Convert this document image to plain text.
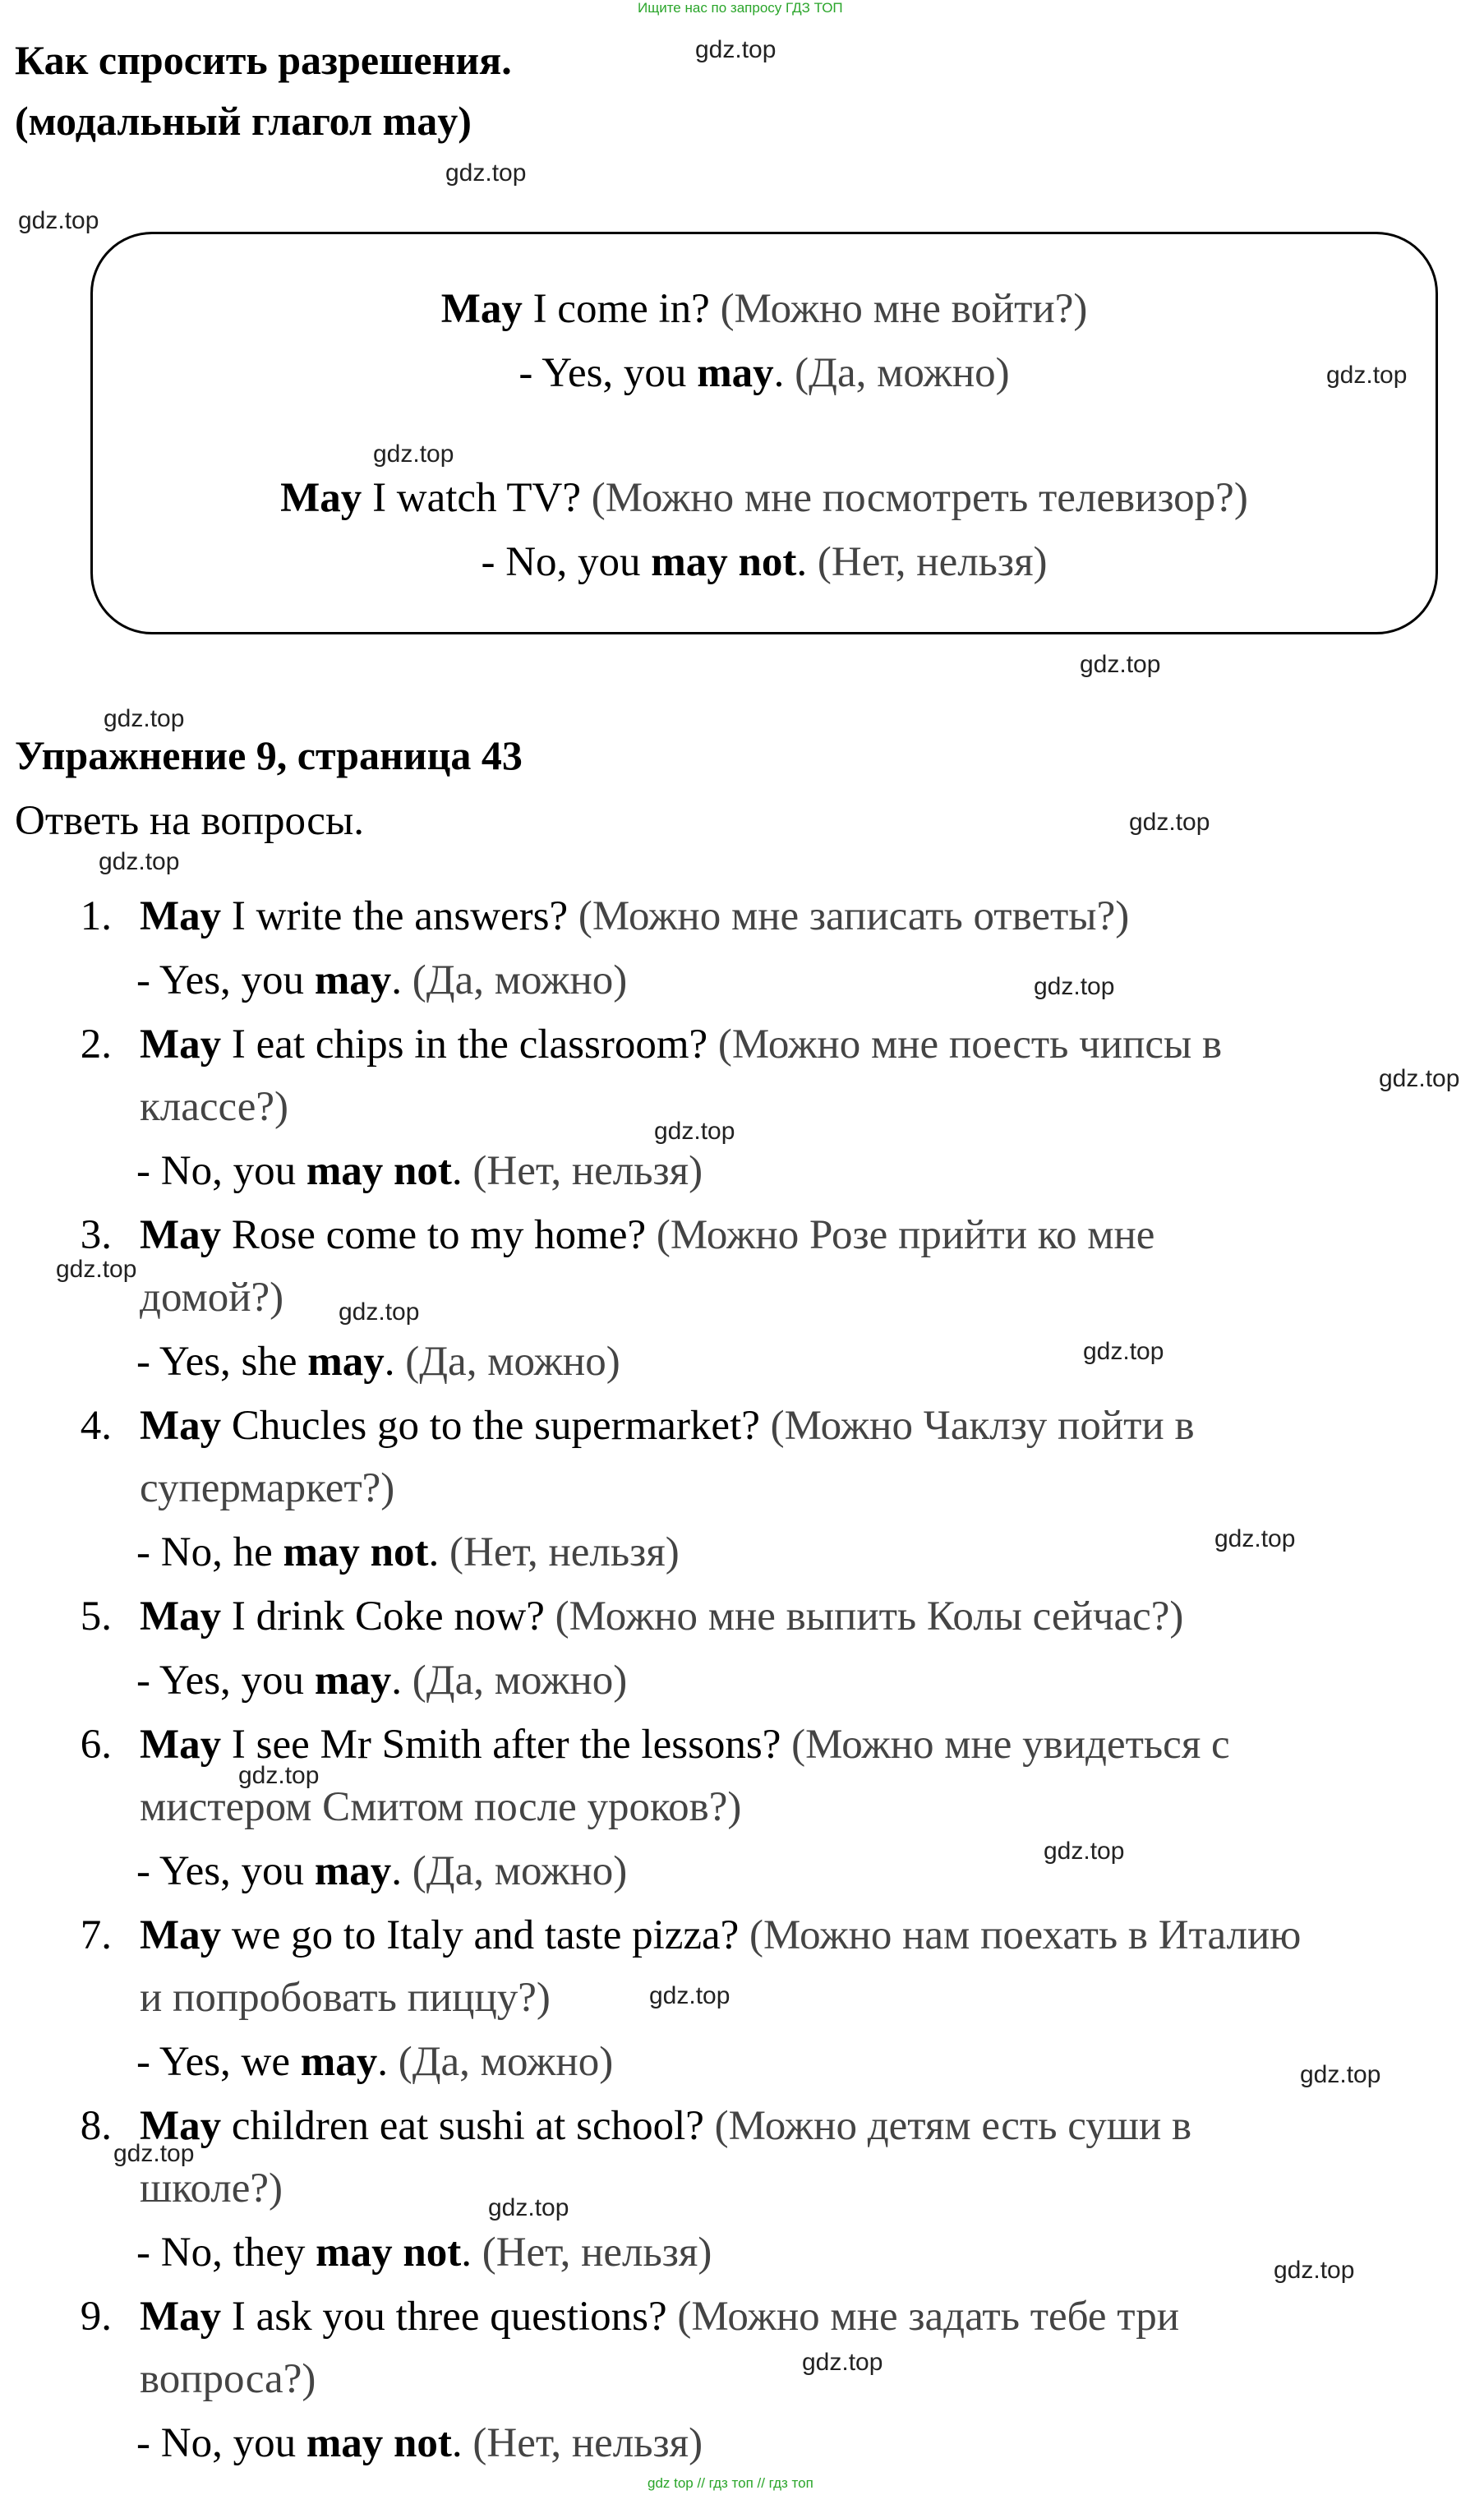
Ищите нас по запросу ГДЗ ТОП
Как спросить разрешения.
(модальный глагол may)
May I come in? (Можно мне войти?)
- Yes, you may. (Да, можно)
May I watch TV? (Можно мне посмотреть телевизор?)
- No, you may not. (Нет, нельзя)
Упражнение 9, страница 43
Ответь на вопросы.
1. May I write the answers? (Можно мне записать ответы?)
- Yes, you may. (Да, можно)
2. May I eat chips in the classroom? (Можно мне поесть чипсы в
классе?)
- No, you may not. (Нет, нельзя)
3. May Rose come to my home? (Можно Розе прийти ко мне
домой?)
- Yes, she may. (Да, можно)
4. May Chucles go to the supermarket? (Можно Чаклзу пойти в
супермаркет?)
- No, he may not. (Нет, нельзя)
5. May I drink Coke now? (Можно мне выпить Колы сейчас?)
- Yes, you may. (Да, можно)
6. May I see Mr Smith after the lessons? (Можно мне увидеться с
мистером Смитом после уроков?)
- Yes, you may. (Да, можно)
7. May we go to Italy and taste pizza? (Можно нам поехать в Италию
и попробовать пиццу?)
- Yes, we may. (Да, можно)
8. May children eat sushi at school? (Можно детям есть суши в
школе?)
- No, they may not. (Нет, нельзя)
9. May I ask you three questions? (Можно мне задать тебе три
вопроса?)
- No, you may not. (Нет, нельзя)
gdz.top
gdz.top
gdz.top
gdz.top
gdz.top
gdz.top
gdz.top
gdz.top
gdz.top
gdz.top
gdz.top
gdz.top
gdz.top
gdz.top
gdz.top
gdz.top
gdz.top
gdz.top
gdz.top
gdz.top
gdz.top
gdz.top
gdz.top
gdz.top
gdz top // гдз топ // гдз топ
